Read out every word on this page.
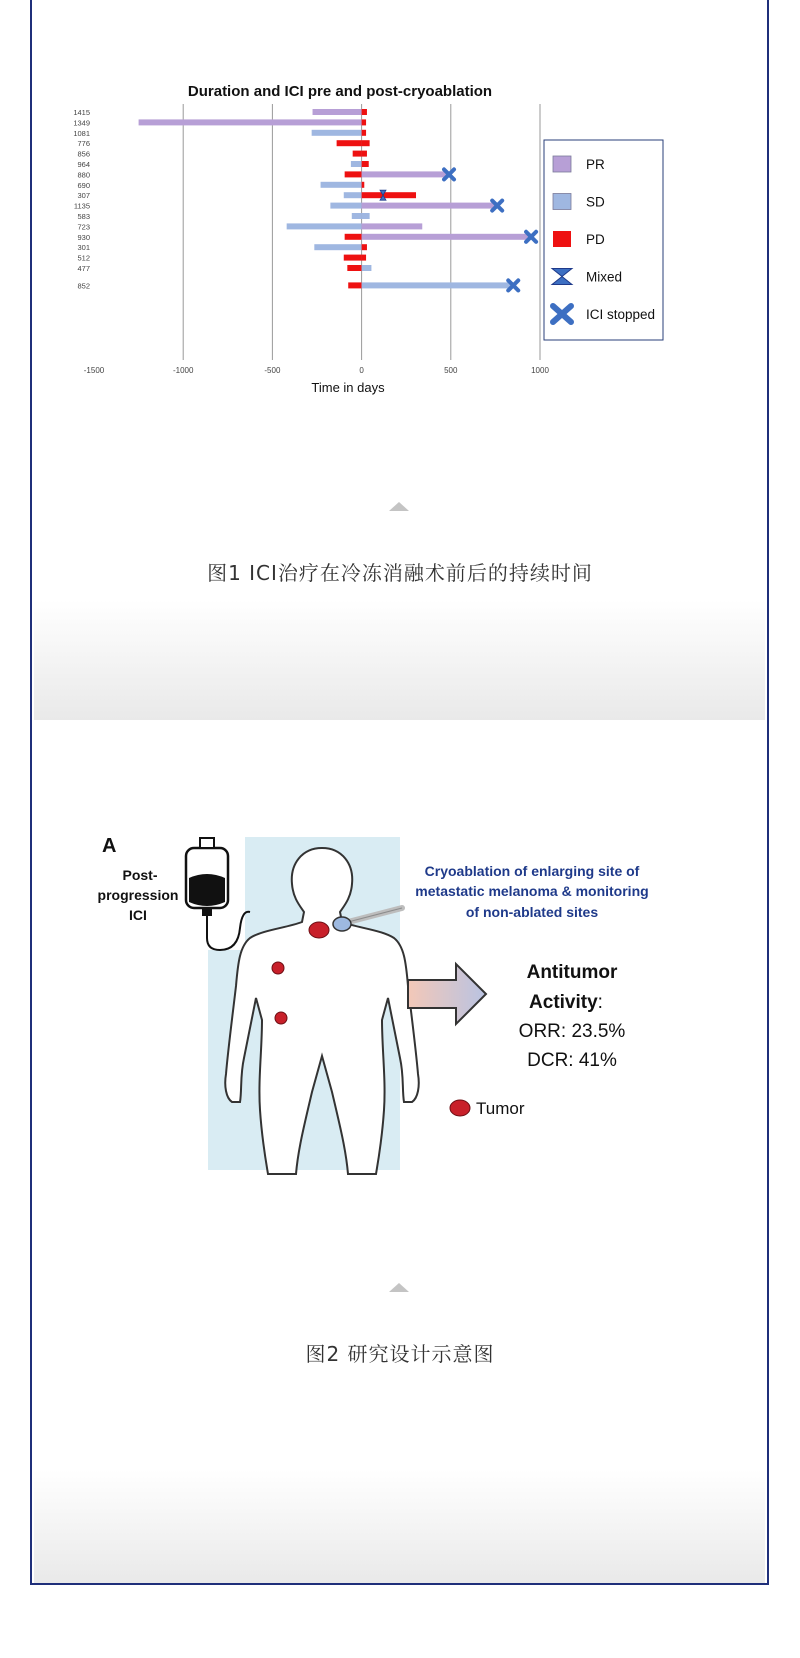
Duration and ICI pre and post-cryoablation
1415
1349
1081
776
856
964
880
690
307
1135
583
723
930
301
512
477
852
-1500	-1000	-500	0	500	1000
Time in days
PR
SD
PD
Mixed
ICI stopped
图1 ICI治疗在冷冻消融术前后的持续时间
A
Post-
progression
ICI
Cryoablation of enlarging site of
metastatic melanoma & monitoring
of non-ablated sites
Antitumor
Activity:
ORR: 23.5%
DCR: 41%
Tumor
图2 研究设计示意图
